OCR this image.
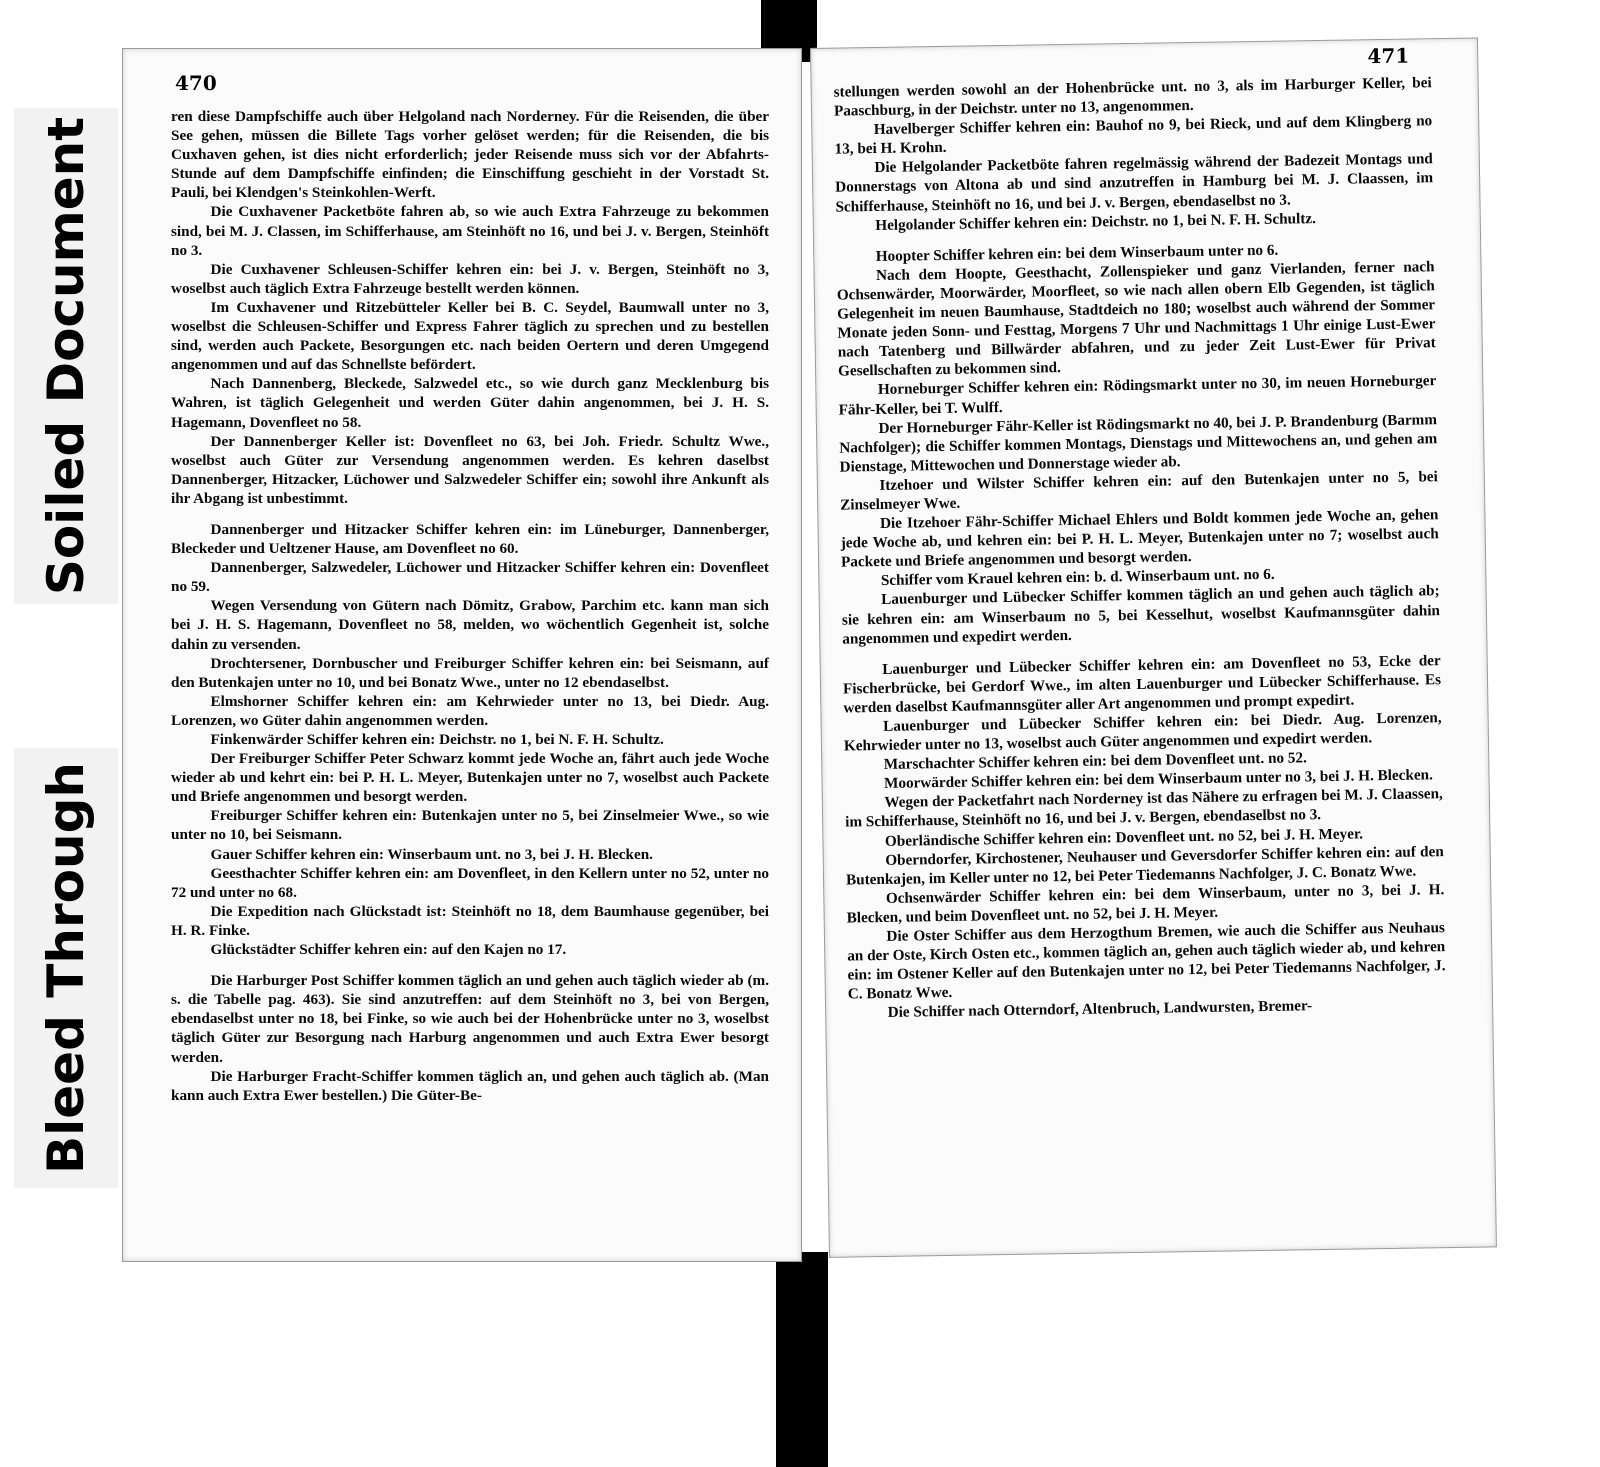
Soiled Document
Bleed Through
470

ren diese Dampfschiffe auch über Helgoland nach Norderney. Für die Reisenden, die über See gehen, müssen die Billete Tags vorher gelöset werden; für die Reisenden, die bis Cuxhaven gehen, ist dies nicht erforderlich; jeder Reisende muss sich vor der Abfahrts-Stunde auf dem Dampfschiffe einfinden; die Einschiffung geschieht in der Vorstadt St. Pauli, bei Klendgen's Steinkohlen-Werft.

Die Cuxhavener Packetböte fahren ab, so wie auch Extra Fahrzeuge zu bekommen sind, bei M. J. Classen, im Schifferhause, am Steinhöft no 16, und bei J. v. Bergen, Steinhöft no 3.

Die Cuxhavener Schleusen-Schiffer kehren ein: bei J. v. Bergen, Steinhöft no 3, woselbst auch täglich Extra Fahrzeuge bestellt werden können.

Im Cuxhavener und Ritzebütteler Keller bei B. C. Seydel, Baumwall unter no 3, woselbst die Schleusen-Schiffer und Express Fahrer täglich zu sprechen und zu bestellen sind, werden auch Packete, Besorgungen etc. nach beiden Oertern und deren Umgegend angenommen und auf das Schnellste befördert.

Nach Dannenberg, Bleckede, Salzwedel etc., so wie durch ganz Mecklenburg bis Wahren, ist täglich Gelegenheit und werden Güter dahin angenommen, bei J. H. S. Hagemann, Dovenfleet no 58.

Der Dannenberger Keller ist: Dovenfleet no 63, bei Joh. Friedr. Schultz Wwe., woselbst auch Güter zur Versendung angenommen werden. Es kehren daselbst Dannenberger, Hitzacker, Lüchower und Salzwedeler Schiffer ein; sowohl ihre Ankunft als ihr Abgang ist unbestimmt.

Dannenberger und Hitzacker Schiffer kehren ein: im Lüneburger, Dannenberger, Bleckeder und Ueltzener Hause, am Dovenfleet no 60.

Dannenberger, Salzwedeler, Lüchower und Hitzacker Schiffer kehren ein: Dovenfleet no 59.

Wegen Versendung von Gütern nach Dömitz, Grabow, Parchim etc. kann man sich bei J. H. S. Hagemann, Dovenfleet no 58, melden, wo wöchentlich Gegenheit ist, solche dahin zu versenden.

Drochtersener, Dornbuscher und Freiburger Schiffer kehren ein: bei Seismann, auf den Butenkajen unter no 10, und bei Bonatz Wwe., unter no 12 ebendaselbst.

Elmshorner Schiffer kehren ein: am Kehrwieder unter no 13, bei Diedr. Aug. Lorenzen, wo Güter dahin angenommen werden.

Finkenwärder Schiffer kehren ein: Deichstr. no 1, bei N. F. H. Schultz.

Der Freiburger Schiffer Peter Schwarz kommt jede Woche an, fährt auch jede Woche wieder ab und kehrt ein: bei P. H. L. Meyer, Butenkajen unter no 7, woselbst auch Packete und Briefe angenommen und besorgt werden.

Freiburger Schiffer kehren ein: Butenkajen unter no 5, bei Zinselmeier Wwe., so wie unter no 10, bei Seismann.

Gauer Schiffer kehren ein: Winserbaum unt. no 3, bei J. H. Blecken.

Geesthachter Schiffer kehren ein: am Dovenfleet, in den Kellern unter no 52, unter no 72 und unter no 68.

Die Expedition nach Glückstadt ist: Steinhöft no 18, dem Baumhause gegenüber, bei H. R. Finke.

Glückstädter Schiffer kehren ein: auf den Kajen no 17.

Die Harburger Post Schiffer kommen täglich an und gehen auch täglich wieder ab (m. s. die Tabelle pag. 463). Sie sind anzutreffen: auf dem Steinhöft no 3, bei von Bergen, ebendaselbst unter no 18, bei Finke, so wie auch bei der Hohenbrücke unter no 3, woselbst täglich Güter zur Besorgung nach Harburg angenommen und auch Extra Ewer besorgt werden.

Die Harburger Fracht-Schiffer kommen täglich an, und gehen auch täglich ab. (Man kann auch Extra Ewer bestellen.) Die Güter-Be-

471

stellungen werden sowohl an der Hohenbrücke unt. no 3, als im Harburger Keller, bei Paaschburg, in der Deichstr. unter no 13, angenommen.

Havelberger Schiffer kehren ein: Bauhof no 9, bei Rieck, und auf dem Klingberg no 13, bei H. Krohn.

Die Helgolander Packetböte fahren regelmässig während der Badezeit Montags und Donnerstags von Altona ab und sind anzutreffen in Hamburg bei M. J. Claassen, im Schifferhause, Steinhöft no 16, und bei J. v. Bergen, ebendaselbst no 3.

Helgolander Schiffer kehren ein: Deichstr. no 1, bei N. F. H. Schultz.

Hoopter Schiffer kehren ein: bei dem Winserbaum unter no 6.

Nach dem Hoopte, Geesthacht, Zollenspieker und ganz Vierlanden, ferner nach Ochsenwärder, Moorwärder, Moorfleet, so wie nach allen obern Elb Gegenden, ist täglich Gelegenheit im neuen Baumhause, Stadtdeich no 180; woselbst auch während der Sommer Monate jeden Sonn- und Festtag, Morgens 7 Uhr und Nachmittags 1 Uhr einige Lust-Ewer nach Tatenberg und Billwärder abfahren, und zu jeder Zeit Lust-Ewer für Privat Gesellschaften zu bekommen sind.

Horneburger Schiffer kehren ein: Rödingsmarkt unter no 30, im neuen Horneburger Fähr-Keller, bei T. Wulff.

Der Horneburger Fähr-Keller ist Rödingsmarkt no 40, bei J. P. Brandenburg (Barmm Nachfolger); die Schiffer kommen Montags, Dienstags und Mittewochens an, und gehen am Dienstage, Mittewochen und Donnerstage wieder ab.

Itzehoer und Wilster Schiffer kehren ein: auf den Butenkajen unter no 5, bei Zinselmeyer Wwe.

Die Itzehoer Fähr-Schiffer Michael Ehlers und Boldt kommen jede Woche an, gehen jede Woche ab, und kehren ein: bei P. H. L. Meyer, Butenkajen unter no 7; woselbst auch Packete und Briefe angenommen und besorgt werden.

Schiffer vom Krauel kehren ein: b. d. Winserbaum unt. no 6.

Lauenburger und Lübecker Schiffer kommen täglich an und gehen auch täglich ab; sie kehren ein: am Winserbaum no 5, bei Kesselhut, woselbst Kaufmannsgüter dahin angenommen und expedirt werden.

Lauenburger und Lübecker Schiffer kehren ein: am Dovenfleet no 53, Ecke der Fischerbrücke, bei Gerdorf Wwe., im alten Lauenburger und Lübecker Schifferhause. Es werden daselbst Kaufmannsgüter aller Art angenommen und prompt expedirt.

Lauenburger und Lübecker Schiffer kehren ein: bei Diedr. Aug. Lorenzen, Kehrwieder unter no 13, woselbst auch Güter angenommen und expedirt werden.

Marschachter Schiffer kehren ein: bei dem Dovenfleet unt. no 52.

Moorwärder Schiffer kehren ein: bei dem Winserbaum unter no 3, bei J. H. Blecken.

Wegen der Packetfahrt nach Norderney ist das Nähere zu erfragen bei M. J. Claassen, im Schifferhause, Steinhöft no 16, und bei J. v. Bergen, ebendaselbst no 3.

Oberländische Schiffer kehren ein: Dovenfleet unt. no 52, bei J. H. Meyer.

Oberndorfer, Kirchostener, Neuhauser und Geversdorfer Schiffer kehren ein: auf den Butenkajen, im Keller unter no 12, bei Peter Tiedemanns Nachfolger, J. C. Bonatz Wwe.

Ochsenwärder Schiffer kehren ein: bei dem Winserbaum, unter no 3, bei J. H. Blecken, und beim Dovenfleet unt. no 52, bei J. H. Meyer.

Die Oster Schiffer aus dem Herzogthum Bremen, wie auch die Schiffer aus Neuhaus an der Oste, Kirch Osten etc., kommen täglich an, gehen auch täglich wieder ab, und kehren ein: im Ostener Keller auf den Butenkajen unter no 12, bei Peter Tiedemanns Nachfolger, J. C. Bonatz Wwe.

Die Schiffer nach Otterndorf, Altenbruch, Landwursten, Bremer-
